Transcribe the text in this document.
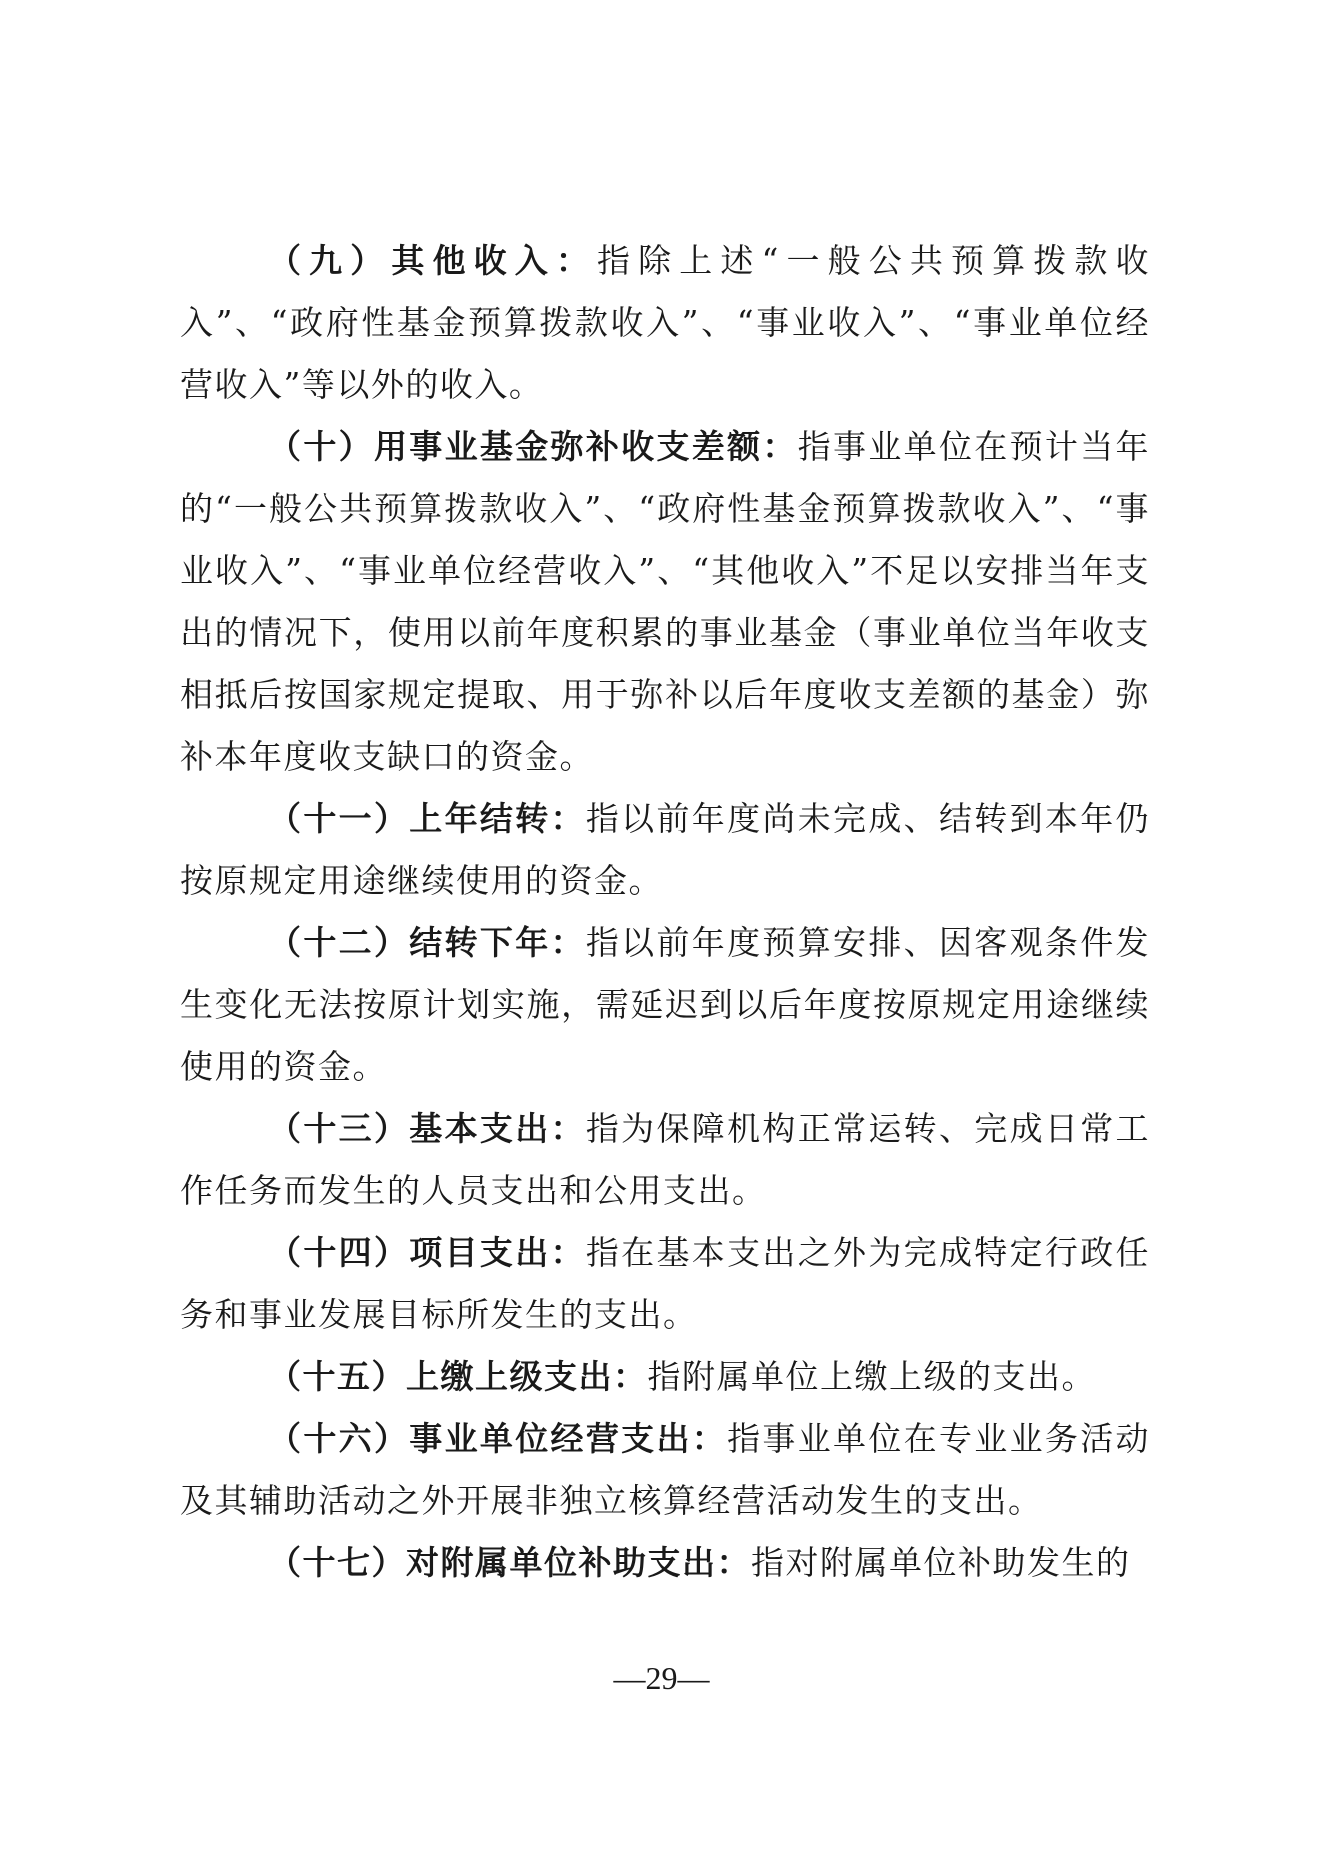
（九）其他收入：指除上述“一般公共预算拨款收入”、“政府性基金预算拨款收入”、“事业收入”、“事业单位经营收入”等以外的收入。

（十）用事业基金弥补收支差额：指事业单位在预计当年的“一般公共预算拨款收入”、“政府性基金预算拨款收入”、“事业收入”、“事业单位经营收入”、“其他收入”不足以安排当年支出的情况下，使用以前年度积累的事业基金（事业单位当年收支相抵后按国家规定提取、用于弥补以后年度收支差额的基金）弥补本年度收支缺口的资金。

（十一）上年结转：指以前年度尚未完成、结转到本年仍按原规定用途继续使用的资金。

（十二）结转下年：指以前年度预算安排、因客观条件发生变化无法按原计划实施，需延迟到以后年度按原规定用途继续使用的资金。

（十三）基本支出：指为保障机构正常运转、完成日常工作任务而发生的人员支出和公用支出。

（十四）项目支出：指在基本支出之外为完成特定行政任务和事业发展目标所发生的支出。

（十五）上缴上级支出：指附属单位上缴上级的支出。

（十六）事业单位经营支出：指事业单位在专业业务活动及其辅助活动之外开展非独立核算经营活动发生的支出。

（十七）对附属单位补助支出：指对附属单位补助发生的

—29—
